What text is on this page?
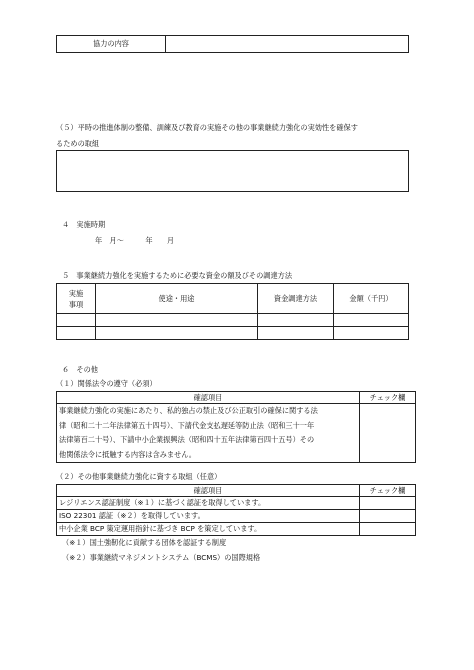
協力の内容	
（５）平時の推進体制の整備、訓練及び教育の実施その他の事業継続力強化の実効性を確保す
るための取組
４　実施時期
年　月～　　　年　　月
５　事業継続力強化を実施するために必要な資金の額及びその調達方法
実施
事項	使途・用途	資金調達方法	金額（千円）

６　その他
（１）関係法令の遵守（必須）
確認項目	チェック欄

事業継続力強化の実施にあたり、私的独占の禁止及び公正取引の確保に関する法
律（昭和二十二年法律第五十四号）、下請代金支払遅延等防止法（昭和三十一年
法律第百二十号）、下請中小企業振興法（昭和四十五年法律第百四十五号）その
他関係法令に抵触する内容は含みません。	

（２）その他事業継続力強化に資する取組（任意）
確認項目	チェック欄
レジリエンス認証制度（※１）に基づく認証を取得しています。	
ISO 22301 認証（※２）を取得しています。	
中小企業 BCP 策定運用指針に基づき BCP を策定しています。	
（※１）国土強靭化に貢献する団体を認証する制度
（※２）事業継続マネジメントシステム（BCMS）の国際規格
